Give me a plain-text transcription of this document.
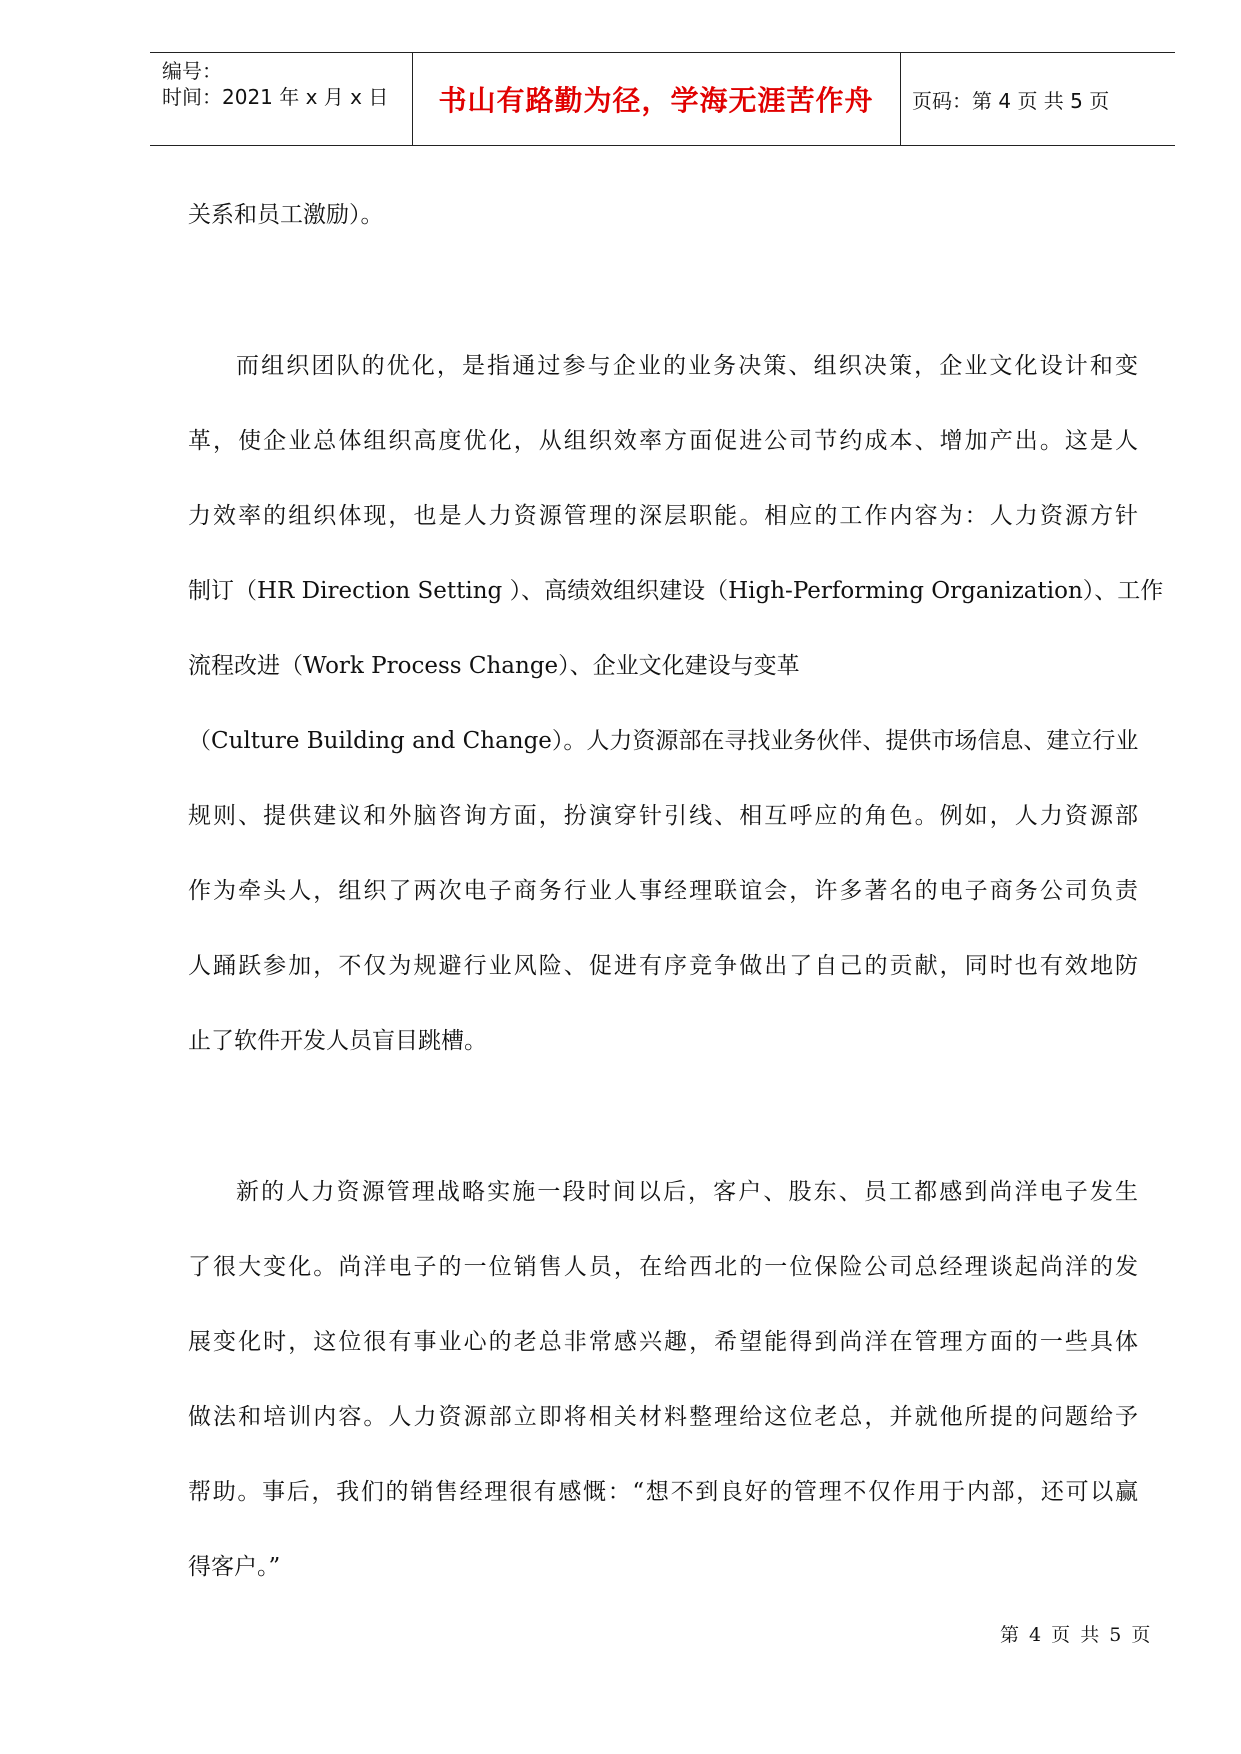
编号：
时间：2021 年 x 月 x 日	书山有路勤为径，学海无涯苦作舟	页码：第 4 页 共 5 页
关系和员工激励）。
而组织团队的优化，是指通过参与企业的业务决策、组织决策，企业文化设计和变
革，使企业总体组织高度优化，从组织效率方面促进公司节约成本、增加产出。这是人
力效率的组织体现，也是人力资源管理的深层职能。相应的工作内容为：人力资源方针
制订（HR Direction Setting ）、高绩效组织建设（High-Performing Organization）、工作
流程改进（Work Process Change）、企业文化建设与变革
（Culture Building and Change）。人力资源部在寻找业务伙伴、提供市场信息、建立行业
规则、提供建议和外脑咨询方面，扮演穿针引线、相互呼应的角色。例如，人力资源部
作为牵头人，组织了两次电子商务行业人事经理联谊会，许多著名的电子商务公司负责
人踊跃参加，不仅为规避行业风险、促进有序竞争做出了自己的贡献，同时也有效地防
止了软件开发人员盲目跳槽。
新的人力资源管理战略实施一段时间以后，客户、股东、员工都感到尚洋电子发生
了很大变化。尚洋电子的一位销售人员，在给西北的一位保险公司总经理谈起尚洋的发
展变化时，这位很有事业心的老总非常感兴趣，希望能得到尚洋在管理方面的一些具体
做法和培训内容。人力资源部立即将相关材料整理给这位老总，并就他所提的问题给予
帮助。事后，我们的销售经理很有感慨：“想不到良好的管理不仅作用于内部，还可以赢
得客户。”
第 4 页 共 5 页
